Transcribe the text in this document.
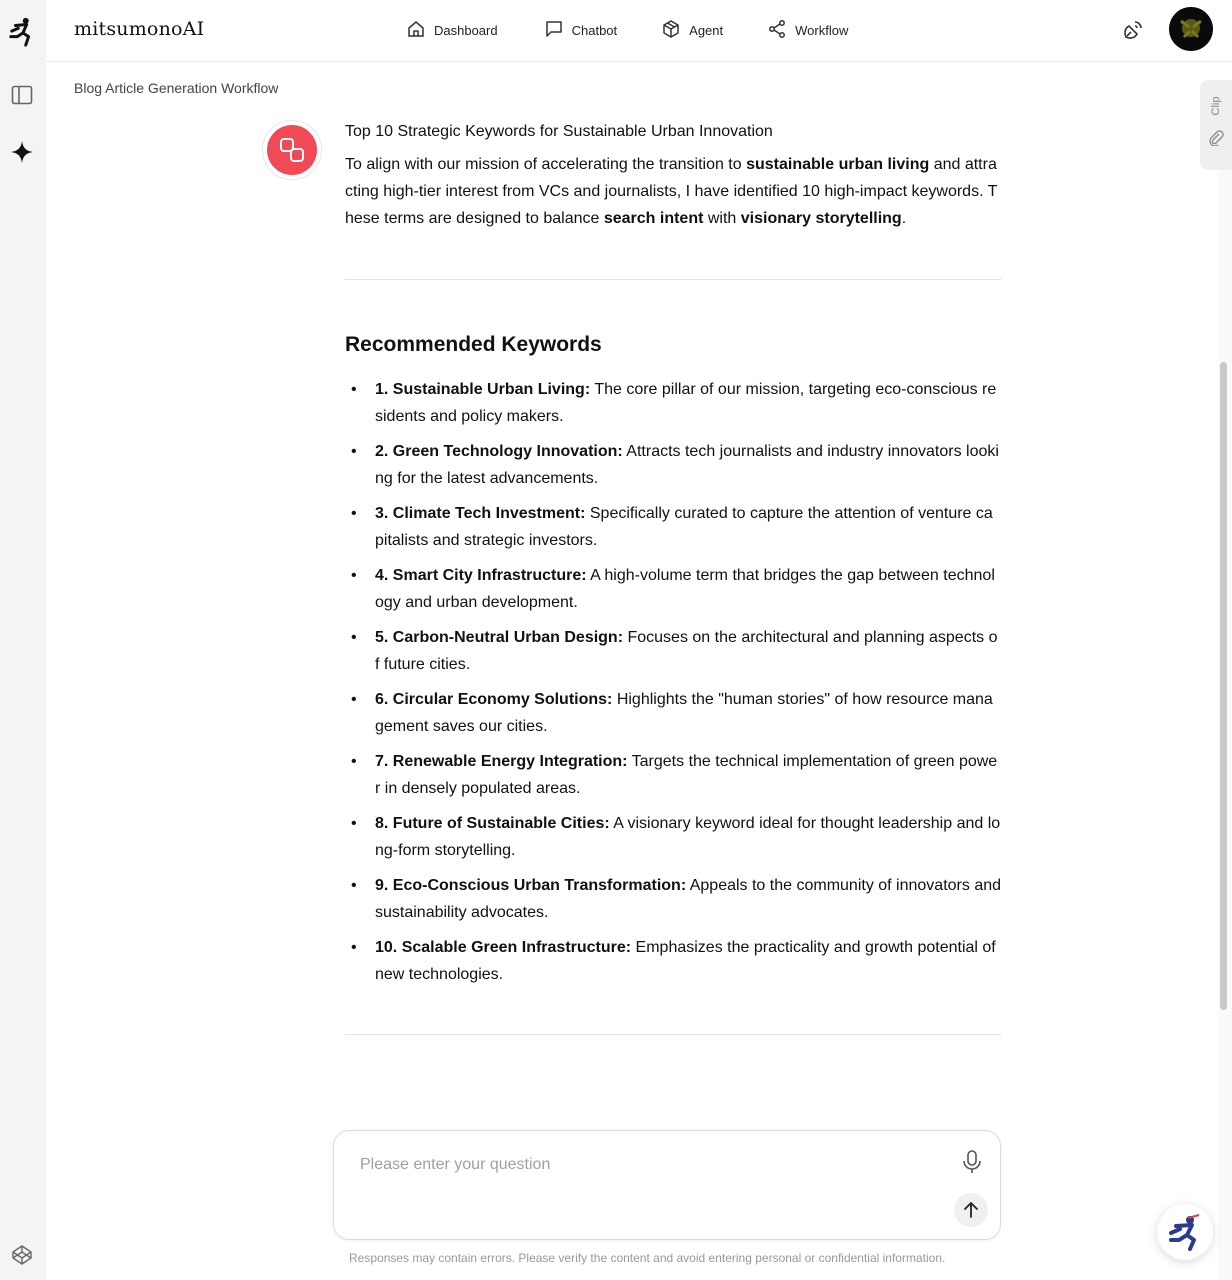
mitsumonoAI	Dashboard	Chatbot	Agent	Workflow
Blog Article Generation Workflow
Clip
Top 10 Strategic Keywords for Sustainable Urban Innovation

To align with our mission of accelerating the transition to sustainable urban living and attracting high-tier interest from VCs and journalists, I have identified 10 high-impact keywords. These terms are designed to balance search intent with visionary storytelling.

Recommended Keywords
• 1. Sustainable Urban Living: The core pillar of our mission, targeting eco-conscious residents and policy makers.
• 2. Green Technology Innovation: Attracts tech journalists and industry innovators looking for the latest advancements.
• 3. Climate Tech Investment: Specifically curated to capture the attention of venture capitalists and strategic investors.
• 4. Smart City Infrastructure: A high-volume term that bridges the gap between technology and urban development.
• 5. Carbon-Neutral Urban Design: Focuses on the architectural and planning aspects of future cities.
• 6. Circular Economy Solutions: Highlights the "human stories" of how resource management saves our cities.
• 7. Renewable Energy Integration: Targets the technical implementation of green power in densely populated areas.
• 8. Future of Sustainable Cities: A visionary keyword ideal for thought leadership and long-form storytelling.
• 9. Eco-Conscious Urban Transformation: Appeals to the community of innovators and sustainability advocates.
• 10. Scalable Green Infrastructure: Emphasizes the practicality and growth potential of new technologies.
Please enter your question
Responses may contain errors. Please verify the content and avoid entering personal or confidential information.
